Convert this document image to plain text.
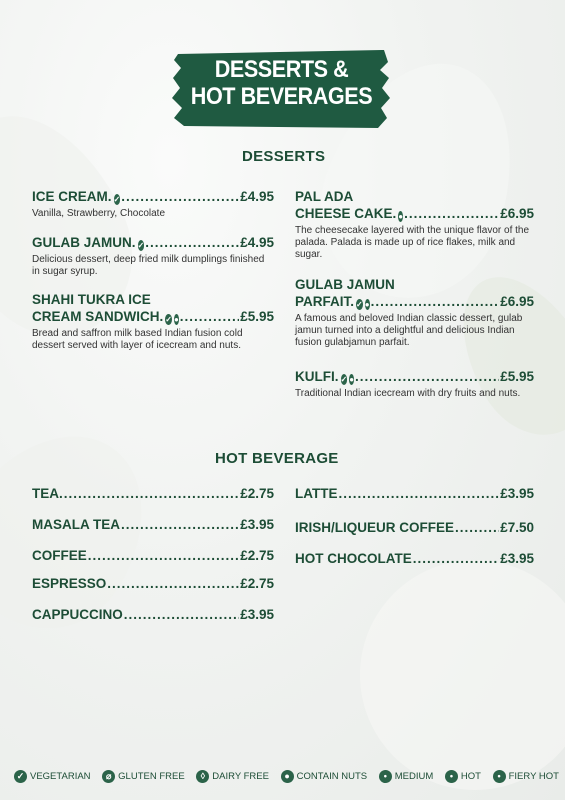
DESSERTS &
HOT BEVERAGES
DESSERTS
ICE CREAM. ✓ .....	£4.95
Vanilla, Strawberry, Chocolate
GULAB JAMUN. ✓ .....	£4.95
Delicious dessert, deep fried milk dumplings finished in sugar syrup.
SHAHI TUKRA ICE
CREAM SANDWICH. ✓ ● .....	£5.95
Bread and saffron milk based Indian fusion cold dessert served with layer of icecream and nuts.
PAL ADA
CHEESE CAKE. ● .....	£6.95
The cheesecake layered with the unique flavor of the palada. Palada is made up of rice flakes, milk and sugar.
GULAB JAMUN
PARFAIT. ✓ ● .....	£6.95
A famous and beloved Indian classic dessert, gulab jamun turned into a delightful and delicious Indian fusion gulabjamun parfait.
KULFI. ✓ ● .....	£5.95
Traditional Indian icecream with dry fruits and nuts.
HOT BEVERAGE
TEA. .....	£2.75
MASALA TEA .....	£3.95
COFFEE .....	£2.75
ESPRESSO .....	£2.75
CAPPUCCINO .....	£3.95
LATTE .....	£3.95
IRISH/LIQUEUR COFFEE .....	£7.50
HOT CHOCOLATE .....	£3.95
✓ VEGETARIAN	⌀ GLUTEN FREE	◊ DAIRY FREE	● CONTAIN NUTS	• MEDIUM	• HOT	• FIERY HOT
